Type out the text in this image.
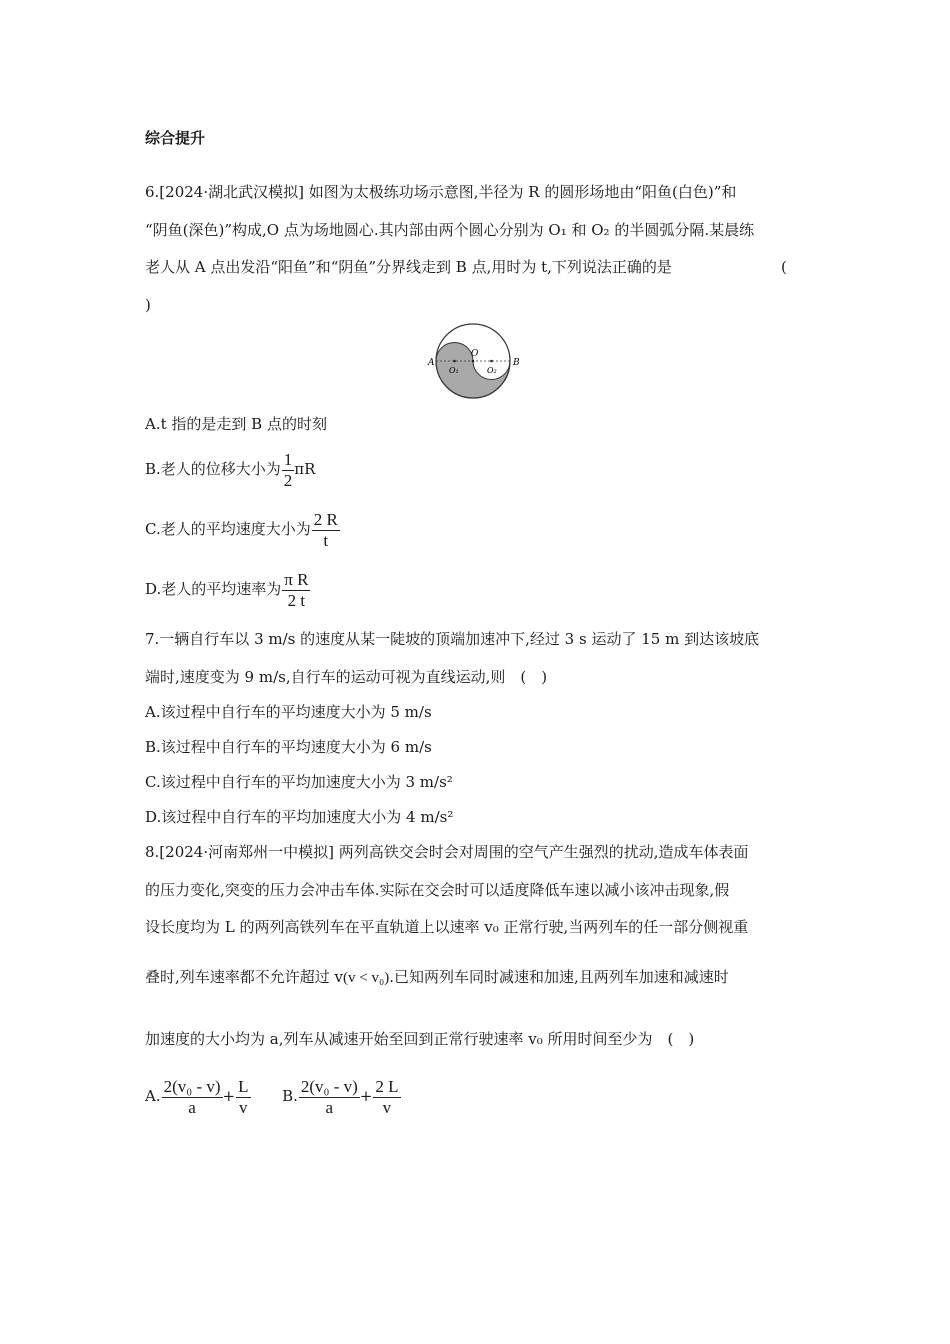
综合提升
6.[2024·湖北武汉模拟] 如图为太极练功场示意图,半径为 R 的圆形场地由“阳鱼(白色)”和
“阴鱼(深色)”构成,O 点为场地圆心.其内部由两个圆心分别为 O₁ 和 O₂ 的半圆弧分隔.某晨练
老人从 A 点出发沿“阳鱼”和“阴鱼”分界线走到 B 点,用时为 t,下列说法正确的是	(
)
A	B
O
O₁	O₂
A.t 指的是走到 B 点的时刻
B.老人的位移大小为 $\frac{1}{2}$ πR
C.老人的平均速度大小为 $\frac{2 R}{t}$
D.老人的平均速率为 $\frac{\text{π R}}{2 t}$
7.一辆自行车以 3 m/s 的速度从某一陡坡的顶端加速冲下,经过 3 s 运动了 15 m 到达该坡底
端时,速度变为 9 m/s,自行车的运动可视为直线运动,则　(　)
A.该过程中自行车的平均速度大小为 5 m/s
B.该过程中自行车的平均速度大小为 6 m/s
C.该过程中自行车的平均加速度大小为 3 m/s²
D.该过程中自行车的平均加速度大小为 4 m/s²
8.[2024·河南郑州一中模拟] 两列高铁交会时会对周围的空气产生强烈的扰动,造成车体表面
的压力变化,突变的压力会冲击车体.实际在交会时可以适度降低车速以减小该冲击现象,假
设长度均为 L 的两列高铁列车在平直轨道上以速率 v₀ 正常行驶,当两列车的任一部分侧视重
叠时,列车速率都不允许超过 v(v < v₀).已知两列车同时减速和加速,且两列车加速和减速时
加速度的大小均为 a,列车从减速开始至回到正常行驶速率 v₀ 所用时间至少为　(　)
A. $\frac{\text{2(v₀ - v)}}{a} + \frac{L}{v} B$. $\frac{\text{2(v₀ - v)}}{a} + \frac{2 L}{v}$
